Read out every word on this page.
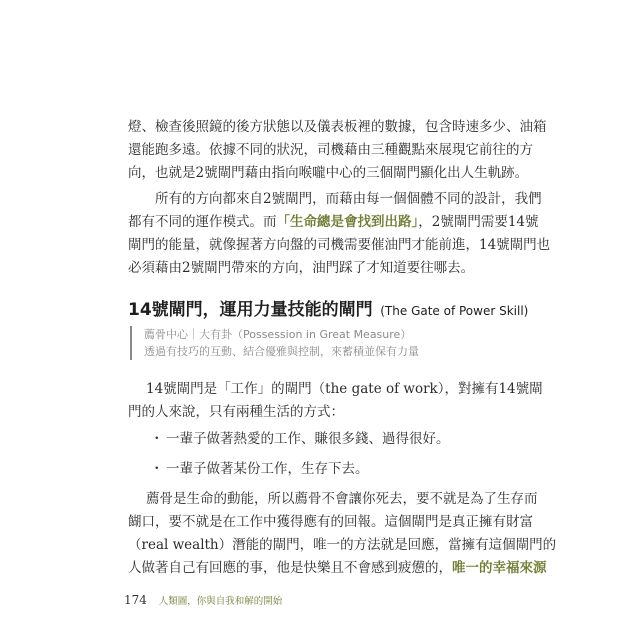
燈、檢查後照鏡的後方狀態以及儀表板裡的數據，包含時速多少、油箱
還能跑多遠。依據不同的狀況，司機藉由三種觀點來展現它前往的方
向，也就是2號閘門藉由指向喉嚨中心的三個閘門顯化出人生軌跡。

所有的方向都來自2號閘門，而藉由每一個個體不同的設計，我們
都有不同的運作模式。而「生命總是會找到出路」，2號閘門需要14號
閘門的能量，就像握著方向盤的司機需要催油門才能前進，14號閘門也
必須藉由2號閘門帶來的方向，油門踩了才知道要往哪去。

14號閘門，運用力量技能的閘門 (The Gate of Power Skill)
薦骨中心｜大有卦（Possession in Great Measure）
透過有技巧的互動、結合優雅與控制，來蓄積並保有力量

14號閘門是「工作」的閘門（the gate of work），對擁有14號閘
門的人來說，只有兩種生活的方式：

・ 一輩子做著熱愛的工作、賺很多錢、過得很好。
・ 一輩子做著某份工作，生存下去。

薦骨是生命的動能，所以薦骨不會讓你死去，要不就是為了生存而
餬口，要不就是在工作中獲得應有的回報。這個閘門是真正擁有財富
（real wealth）潛能的閘門，唯一的方法就是回應，當擁有這個閘門的
人做著自己有回應的事，他是快樂且不會感到疲憊的，唯一的幸福來源

174 人類圖，你與自我和解的開始
